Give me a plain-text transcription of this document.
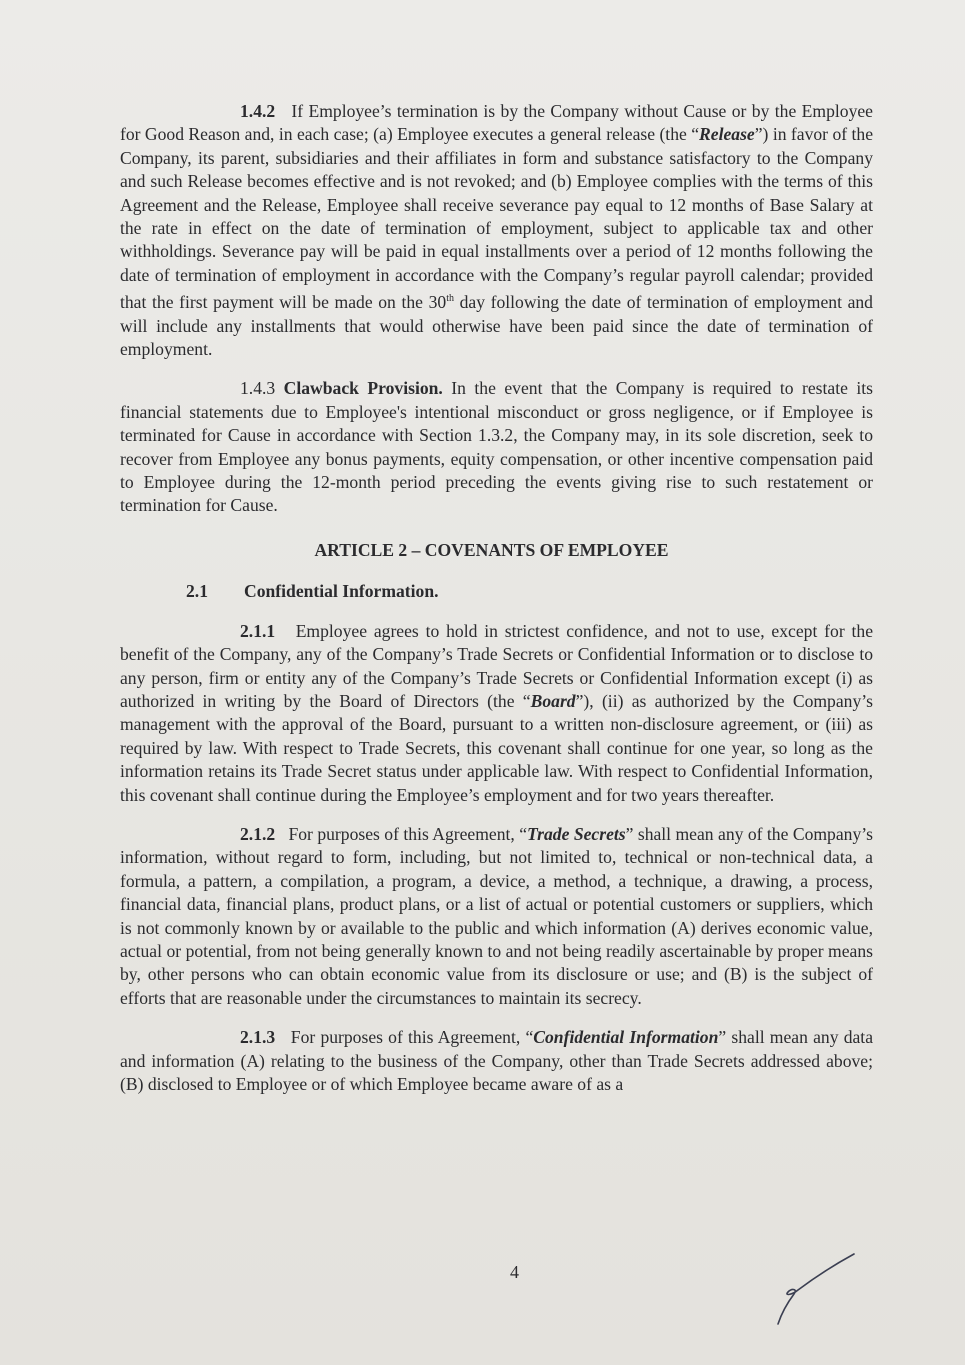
1.4.2 If Employee’s termination is by the Company without Cause or by the Employee for Good Reason and, in each case; (a) Employee executes a general release (the “Release”) in favor of the Company, its parent, subsidiaries and their affiliates in form and substance satisfactory to the Company and such Release becomes effective and is not revoked; and (b) Employee complies with the terms of this Agreement and the Release, Employee shall receive severance pay equal to 12 months of Base Salary at the rate in effect on the date of termination of employment, subject to applicable tax and other withholdings. Severance pay will be paid in equal installments over a period of 12 months following the date of termination of employment in accordance with the Company’s regular payroll calendar; provided that the first payment will be made on the 30th day following the date of termination of employment and will include any installments that would otherwise have been paid since the date of termination of employment.

1.4.3 Clawback Provision. In the event that the Company is required to restate its financial statements due to Employee's intentional misconduct or gross negligence, or if Employee is terminated for Cause in accordance with Section 1.3.2, the Company may, in its sole discretion, seek to recover from Employee any bonus payments, equity compensation, or other incentive compensation paid to Employee during the 12-month period preceding the events giving rise to such restatement or termination for Cause.

ARTICLE 2 – COVENANTS OF EMPLOYEE
2.1 Confidential Information.

2.1.1 Employee agrees to hold in strictest confidence, and not to use, except for the benefit of the Company, any of the Company’s Trade Secrets or Confidential Information or to disclose to any person, firm or entity any of the Company’s Trade Secrets or Confidential Information except (i) as authorized in writing by the Board of Directors (the “Board”), (ii) as authorized by the Company’s management with the approval of the Board, pursuant to a written non-disclosure agreement, or (iii) as required by law. With respect to Trade Secrets, this covenant shall continue for one year, so long as the information retains its Trade Secret status under applicable law. With respect to Confidential Information, this covenant shall continue during the Employee’s employment and for two years thereafter.

2.1.2 For purposes of this Agreement, “Trade Secrets” shall mean any of the Company’s information, without regard to form, including, but not limited to, technical or non-technical data, a formula, a pattern, a compilation, a program, a device, a method, a technique, a drawing, a process, financial data, financial plans, product plans, or a list of actual or potential customers or suppliers, which is not commonly known by or available to the public and which information (A) derives economic value, actual or potential, from not being generally known to and not being readily ascertainable by proper means by, other persons who can obtain economic value from its disclosure or use; and (B) is the subject of efforts that are reasonable under the circumstances to maintain its secrecy.

2.1.3 For purposes of this Agreement, “Confidential Information” shall mean any data and information (A) relating to the business of the Company, other than Trade Secrets addressed above; (B) disclosed to Employee or of which Employee became aware of as a

4
